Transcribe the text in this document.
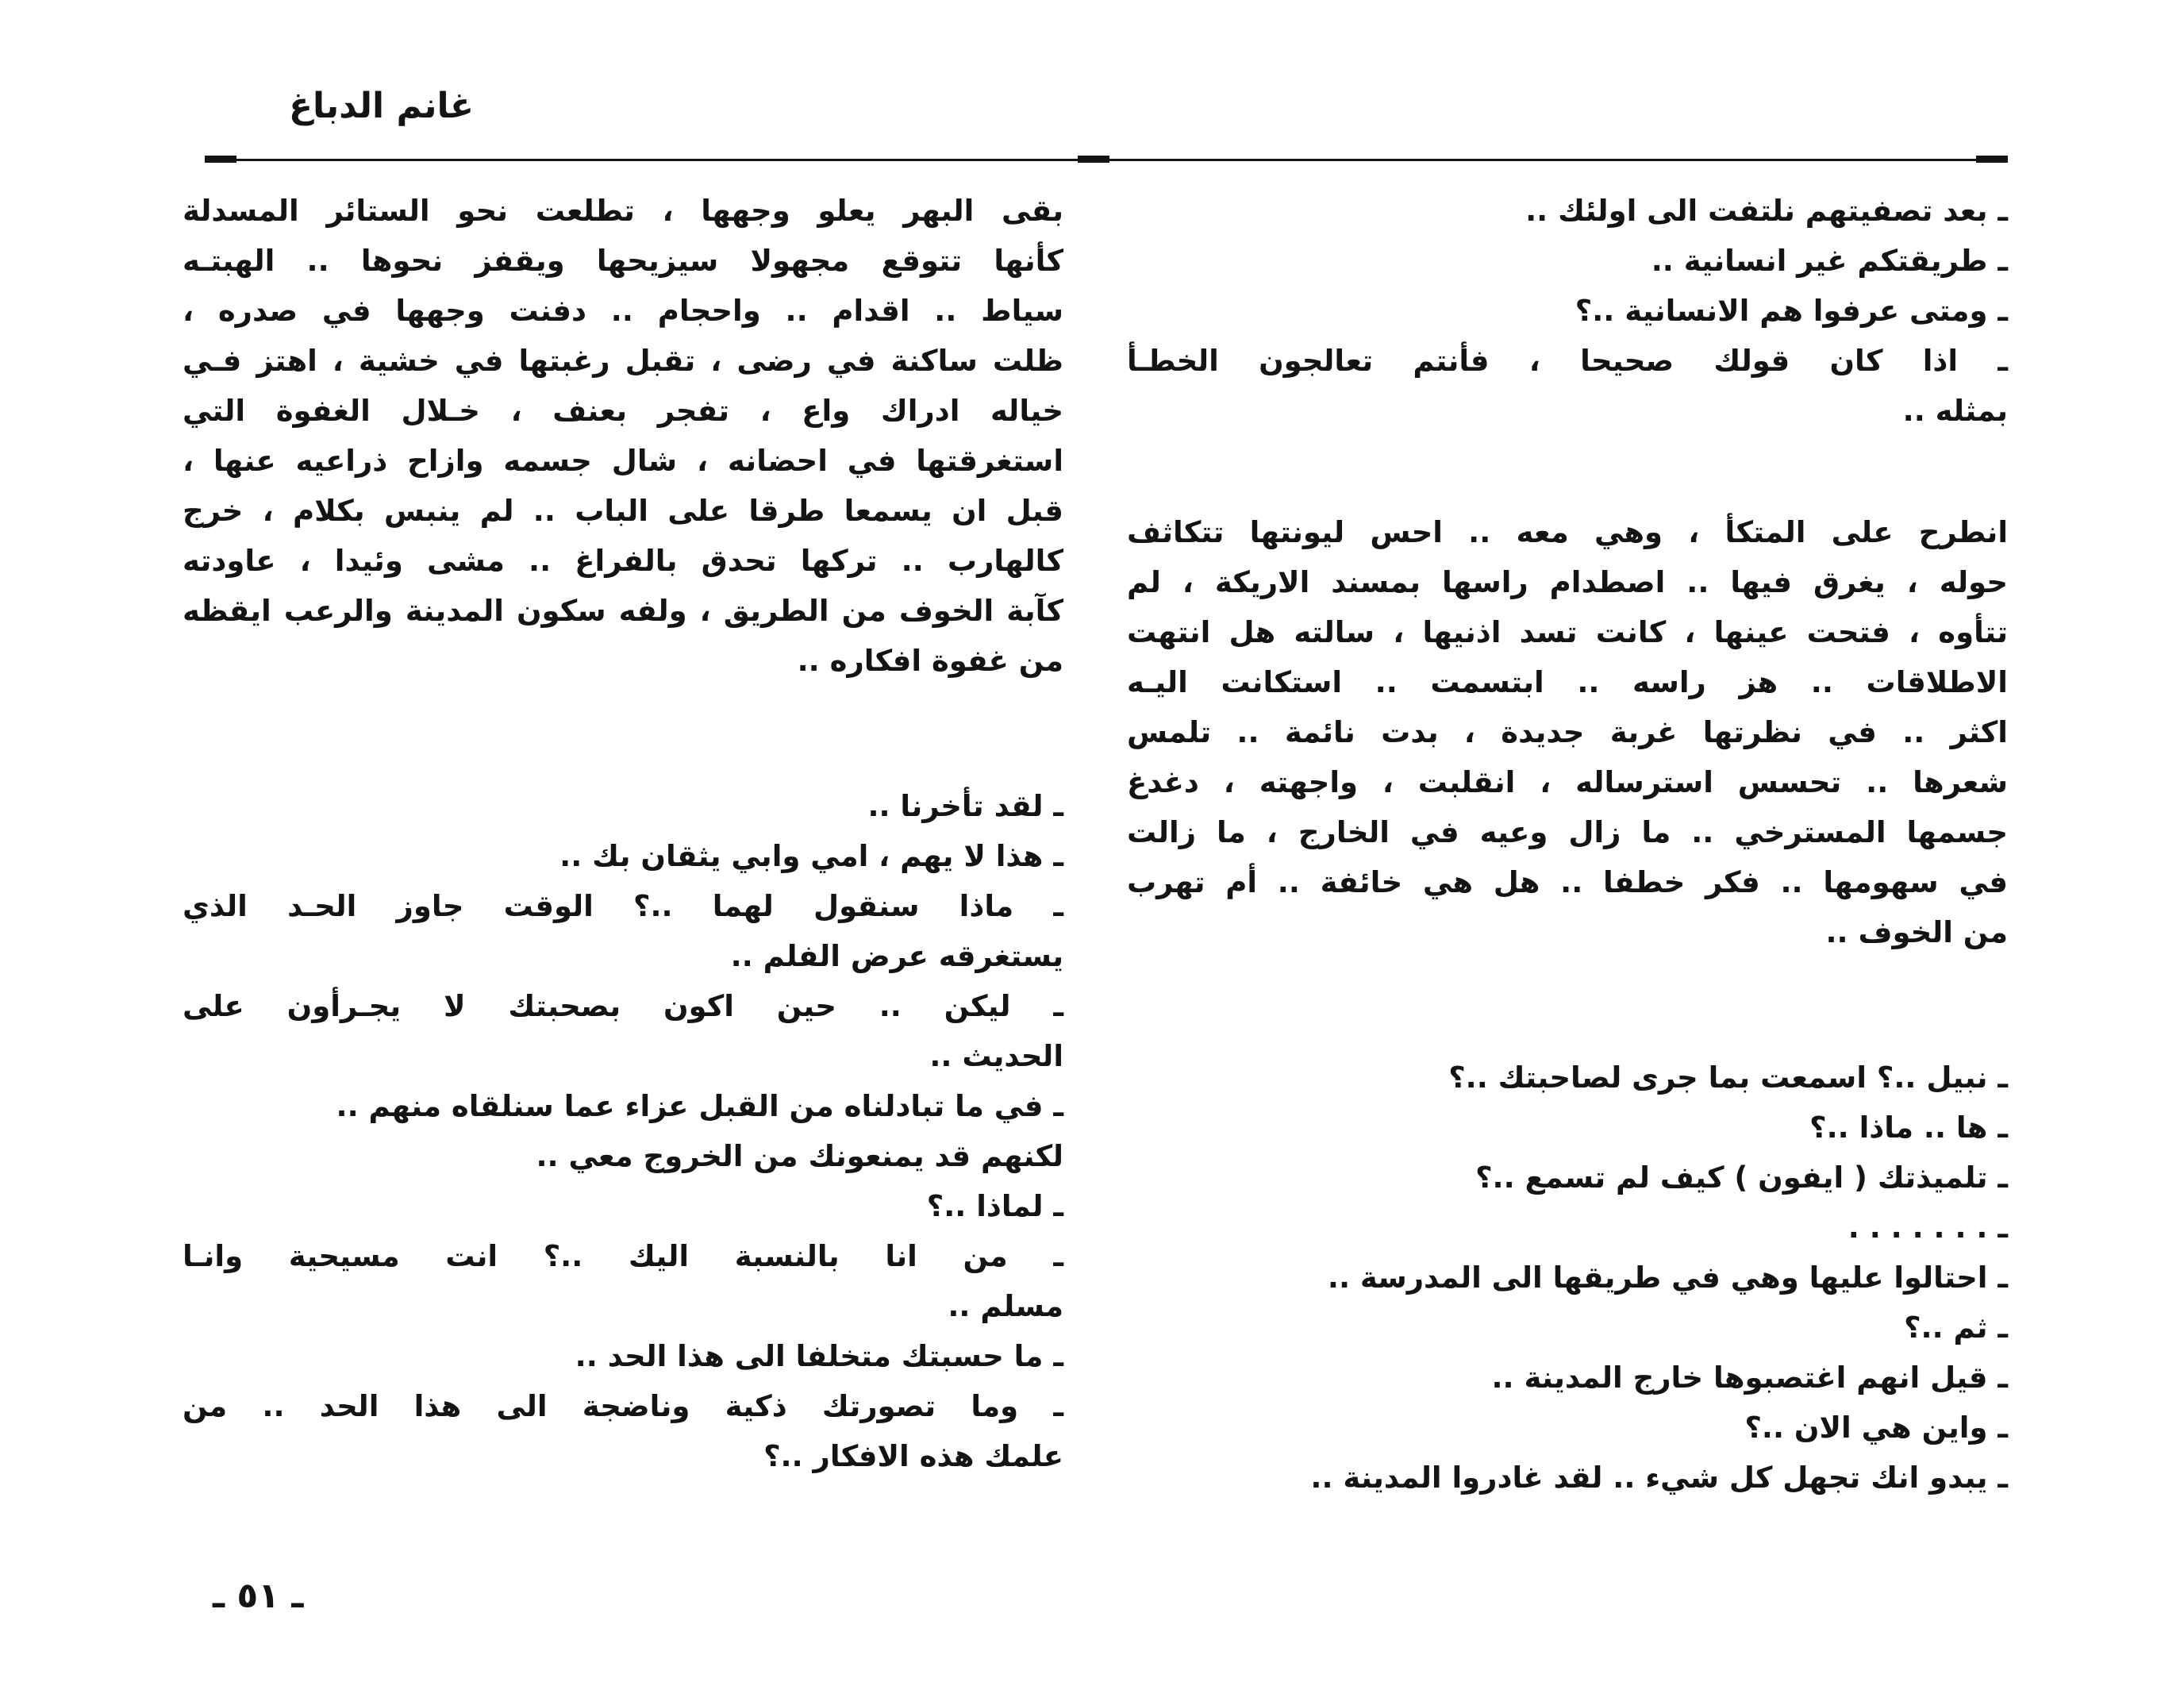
غانم الدباغ
ـ بعد تصفيتهم نلتفت الى اولئك ..
ـ طريقتكم غير انسانية ..
ـ ومتى عرفوا هم الانسانية ..؟
ـ اذا كان قولك صحيحا ، فأنتم تعالجون الخطـأ
بمثله ..
انطرح على المتكأ ، وهي معه .. احس ليونتها تتكاثف
حوله ، يغرق فيها .. اصطدام راسها بمسند الاريكة ، لم
تتأوه ، فتحت عينها ، كانت تسد اذنيها ، سالته هل انتهت
الاطلاقات .. هز راسه .. ابتسمت .. استكانت اليـه
اكثر .. في نظرتها غربة جديدة ، بدت نائمة .. تلمس
شعرها .. تحسس استرساله ، انقلبت ، واجهته ، دغدغ
جسمها المسترخي .. ما زال وعيه في الخارج ، ما زالت
في سهومها .. فكر خطفا .. هل هي خائفة .. أم تهرب
من الخوف ..
ـ نبيل ..؟ اسمعت بما جرى لصاحبتك ..؟
ـ ها .. ماذا ..؟
ـ تلميذتك ( ايفون ) كيف لم تسمع ..؟
ـ . . . . . . .
ـ احتالوا عليها وهي في طريقها الى المدرسة ..
ـ ثم ..؟
ـ قيل انهم اغتصبوها خارج المدينة ..
ـ واين هي الان ..؟
ـ يبدو انك تجهل كل شيء .. لقد غادروا المدينة ..
بقى البهر يعلو وجهها ، تطلعت نحو الستائر المسدلة
كأنها تتوقع مجهولا سيزيحها ويقفز نحوها .. الهبتـه
سياط .. اقدام .. واحجام .. دفنت وجهها في صدره ،
ظلت ساكنة في رضى ، تقبل رغبتها في خشية ، اهتز فـي
خياله ادراك واع ، تفجر بعنف ، خـلال الغفوة التي
استغرقتها في احضانه ، شال جسمه وازاح ذراعيه عنها ،
قبل ان يسمعا طرقا على الباب .. لم ينبس بكلام ، خرج
كالهارب .. تركها تحدق بالفراغ .. مشى وئيدا ، عاودته
كآبة الخوف من الطريق ، ولفه سكون المدينة والرعب ايقظه
من غفوة افكاره ..
ـ لقد تأخرنا ..
ـ هذا لا يهم ، امي وابي يثقان بك ..
ـ ماذا سنقول لهما ..؟ الوقت جاوز الحـد الذي
يستغرقه عرض الفلم ..
ـ ليكن .. حين اكون بصحبتك لا يجـرأون على
الحديث ..
ـ في ما تبادلناه من القبل عزاء عما سنلقاه منهم ..
لكنهم قد يمنعونك من الخروج معي ..
ـ لماذا ..؟
ـ من انا بالنسبة اليك ..؟ انت مسيحية وانـا
مسلم ..
ـ ما حسبتك متخلفا الى هذا الحد ..
ـ وما تصورتك ذكية وناضجة الى هذا الحد .. من
علمك هذه الافكار ..؟
ـ ٥١ ـ
